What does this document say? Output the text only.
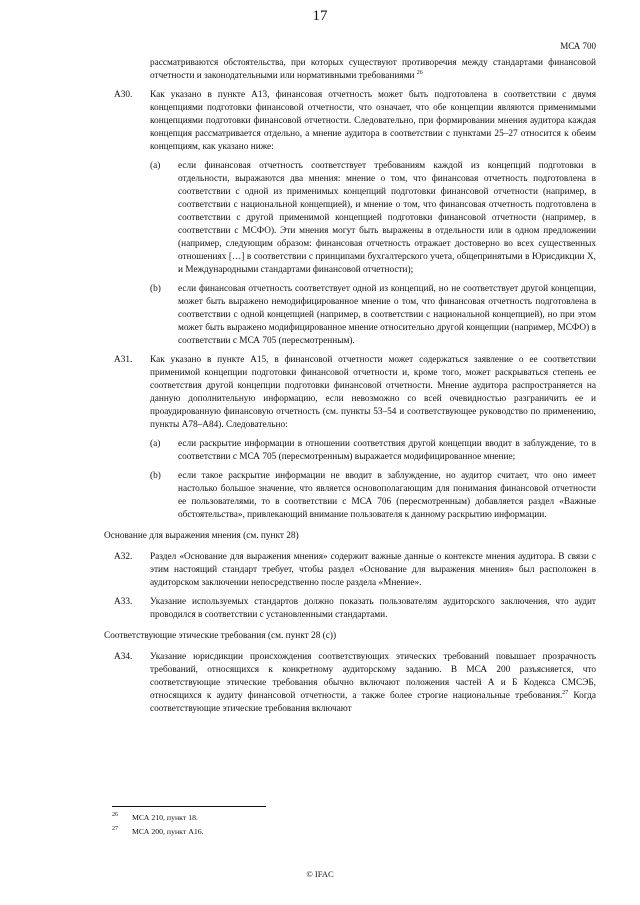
17
МСА 700

рассматриваются обстоятельства, при которых существуют противоречия между стандартами финансовой отчетности и законодательными или нормативными требованиями $^{26}$

А30.	Как указано в пункте А13, финансовая отчетность может быть подготовлена в соответствии с двумя концепциями подготовки финансовой отчетности, что означает, что обе концепции являются применимыми концепциями подготовки финансовой отчетности. Следовательно, при формировании мнения аудитора каждая концепция рассматривается отдельно, а мнение аудитора в соответствии с пунктами 25–27 относится к обеим концепциям, как указано ниже:

(a) если финансовая отчетность соответствует требованиям каждой из концепций подготовки в отдельности, выражаются два мнения: мнение о том, что финансовая отчетность подготовлена в соответствии с одной из применимых концепций подготовки финансовой отчетности (например, в соответствии с национальной концепцией), и мнение о том, что финансовая отчетность подготовлена в соответствии с другой применимой концепцией подготовки финансовой отчетности (например, в соответствии с МСФО). Эти мнения могут быть выражены в отдельности или в одном предложении (например, следующим образом: финансовая отчетность отражает достоверно во всех существенных отношениях […] в соответствии с принципами бухгалтерского учета, общепринятыми в Юрисдикции X, и Международными стандартами финансовой отчетности);

(b) если финансовая отчетность соответствует одной из концепций, но не соответствует другой концепции, может быть выражено немодифицированное мнение о том, что финансовая отчетность подготовлена в соответствии с одной концепцией (например, в соответствии с национальной концепцией), но при этом может быть выражено модифицированное мнение относительно другой концепции (например, МСФО) в соответствии с МСА 705 (пересмотренным).

А31.	Как указано в пункте А15, в финансовой отчетности может содержаться заявление о ее соответствии применимой концепции подготовки финансовой отчетности и, кроме того, может раскрываться степень ее соответствия другой концепции подготовки финансовой отчетности. Мнение аудитора распространяется на данную дополнительную информацию, если невозможно со всей очевидностью разграничить ее и проаудированную финансовую отчетность (см. пункты 53–54 и соответствующее руководство по применению, пункты A78–A84). Следовательно:

(a) если раскрытие информации в отношении соответствия другой концепции вводит в заблуждение, то в соответствии с МСА 705 (пересмотренным) выражается модифицированное мнение;

(b) если такое раскрытие информации не вводит в заблуждение, но аудитор считает, что оно имеет настолько большое значение, что является основополагающим для понимания финансовой отчетности ее пользователями, то в соответствии с МСА 706 (пересмотренным) добавляется раздел «Важные обстоятельства», привлекающий внимание пользователя к данному раскрытию информации.

Основание для выражения мнения (см. пункт 28)

А32.	Раздел «Основание для выражения мнения» содержит важные данные о контексте мнения аудитора. В связи с этим настоящий стандарт требует, чтобы раздел «Основание для выражения мнения» был расположен в аудиторском заключении непосредственно после раздела «Мнение».

А33.	Указание используемых стандартов должно показать пользователям аудиторского заключения, что аудит проводился в соответствии с установленными стандартами.

Соответствующие этические требования (см. пункт 28 (c))

А34.	Указание юрисдикции происхождения соответствующих этических требований повышает прозрачность требований, относящихся к конкретному аудиторскому заданию. В МСА 200 разъясняется, что соответствующие этические требования обычно включают положения частей А и Б Кодекса СМСЭБ, относящихся к аудиту финансовой отчетности, а также более строгие национальные требования.$^{27}$ Когда соответствующие этические требования включают

26 МСА 210, пункт 18.
27 МСА 200, пункт A16.
© IFAC
